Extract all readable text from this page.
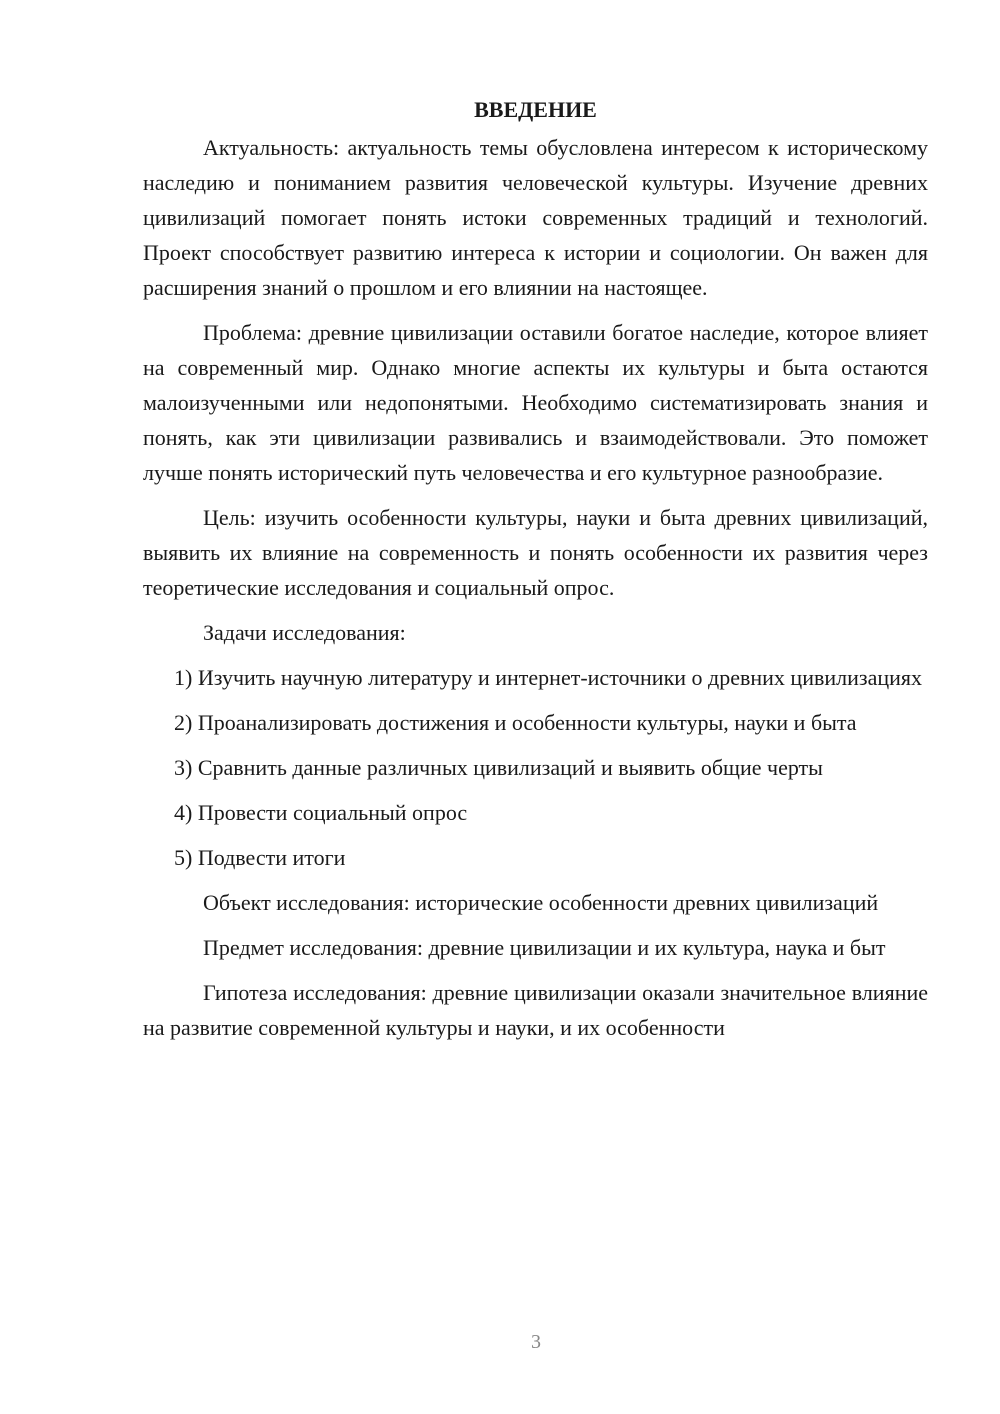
ВВЕДЕНИЕ

Актуальность: актуальность темы обусловлена интересом к историческому наследию и пониманием развития человеческой культуры. Изучение древних цивилизаций помогает понять истоки современных традиций и технологий. Проект способствует развитию интереса к истории и социологии. Он важен для расширения знаний о прошлом и его влиянии на настоящее.

Проблема: древние цивилизации оставили богатое наследие, которое влияет на современный мир. Однако многие аспекты их культуры и быта остаются малоизученными или недопонятыми. Необходимо систематизировать знания и понять, как эти цивилизации развивались и взаимодействовали. Это поможет лучше понять исторический путь человечества и его культурное разнообразие.

Цель: изучить особенности культуры, науки и быта древних цивилизаций, выявить их влияние на современность и понять особенности их развития через теоретические исследования и социальный опрос.

Задачи исследования:

1) Изучить научную литературу и интернет-источники о древних цивилизациях

2) Проанализировать достижения и особенности культуры, науки и быта

3) Сравнить данные различных цивилизаций и выявить общие черты

4) Провести социальный опрос

5) Подвести итоги

Объект исследования: исторические особенности древних цивилизаций

Предмет исследования: древние цивилизации и их культура, наука и быт

Гипотеза исследования: древние цивилизации оказали значительное влияние на развитие современной культуры и науки, и их особенности

3
